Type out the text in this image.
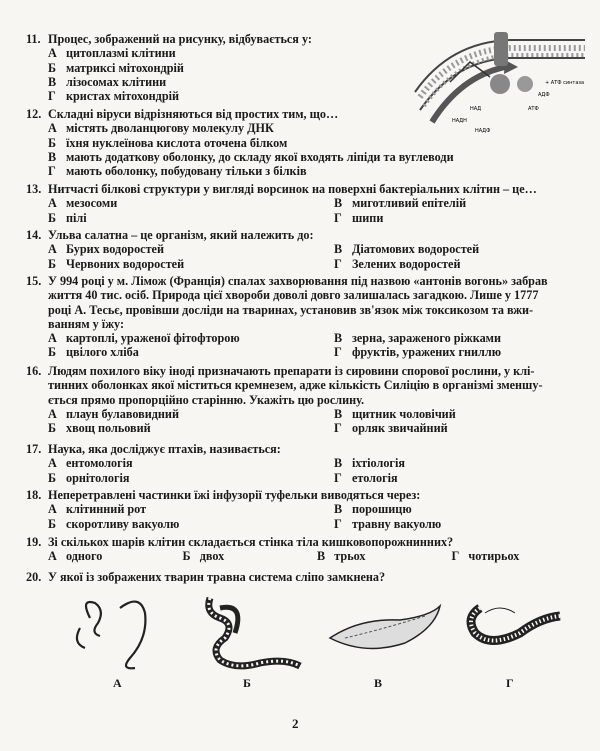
11. Процес, зображений на рисунку, відбувається у:
А цитоплазмі клітини
Б матриксі мітохондрій
В лізосомах клітини
Г кристах мітохондрій
НАДН
НАД
НАДФ
АДФ
АТФ
+ АТФ синтаза
12. Складні віруси відрізняються від простих тим, що…
А містять дволанцюгову молекулу ДНК
Б їхня нуклеїнова кислота оточена білком
В мають додаткову оболонку, до складу якої входять ліпіди та вуглеводи
Г мають оболонку, побудовану тільки з білків
13. Нитчасті білкові структури у вигляді ворсинок на поверхні бактеріальних клітин – це…
А мезосоми	В миготливий епітелій
Б пілі	Г шипи
14. Ульва салатна – це організм, який належить до:
А Бурих водоростей	В Діатомових водоростей
Б Червоних водоростей	Г Зелених водоростей
15. У 994 році у м. Лімож (Франція) спалах захворювання під назвою «антонів вогонь» забрав
життя 40 тис. осіб. Природа цієї хвороби доволі довго залишалась загадкою. Лише у 1777
році А. Тесьє, провівши досліди на тваринах, установив зв'язок між токсикозом та вжи-
ванням у їжу:
А картоплі, ураженої фітофторою	В зерна, зараженого ріжками
Б цвілого хліба	Г фруктів, уражених гниллю
16. Людям похилого віку іноді призначають препарати із сировини спорової рослини, у клі-
тинних оболонках якої міститься кремнезем, адже кількість Силіцію в організмі зменшу-
ється прямо пропорційно старінню. Укажіть цю рослину.
А плаун булавовидний	В щитник чоловічий
Б хвощ польовий	Г орляк звичайний
17. Наука, яка досліджує птахів, називається:
А ентомологія	В іхтіологія
Б орнітологія	Г етологія
18. Неперетравлені частинки їжі інфузорії туфельки виводяться через:
А клітинний рот	В порошицю
Б скоротливу вакуолю	Г травну вакуолю
19. Зі скількох шарів клітин складається стінка тіла кишковопорожнинних?
А одного	Б двох	В трьох	Г чотирьох
20. У якої із зображених тварин травна система сліпо замкнена?
А	Б	В	Г
2
